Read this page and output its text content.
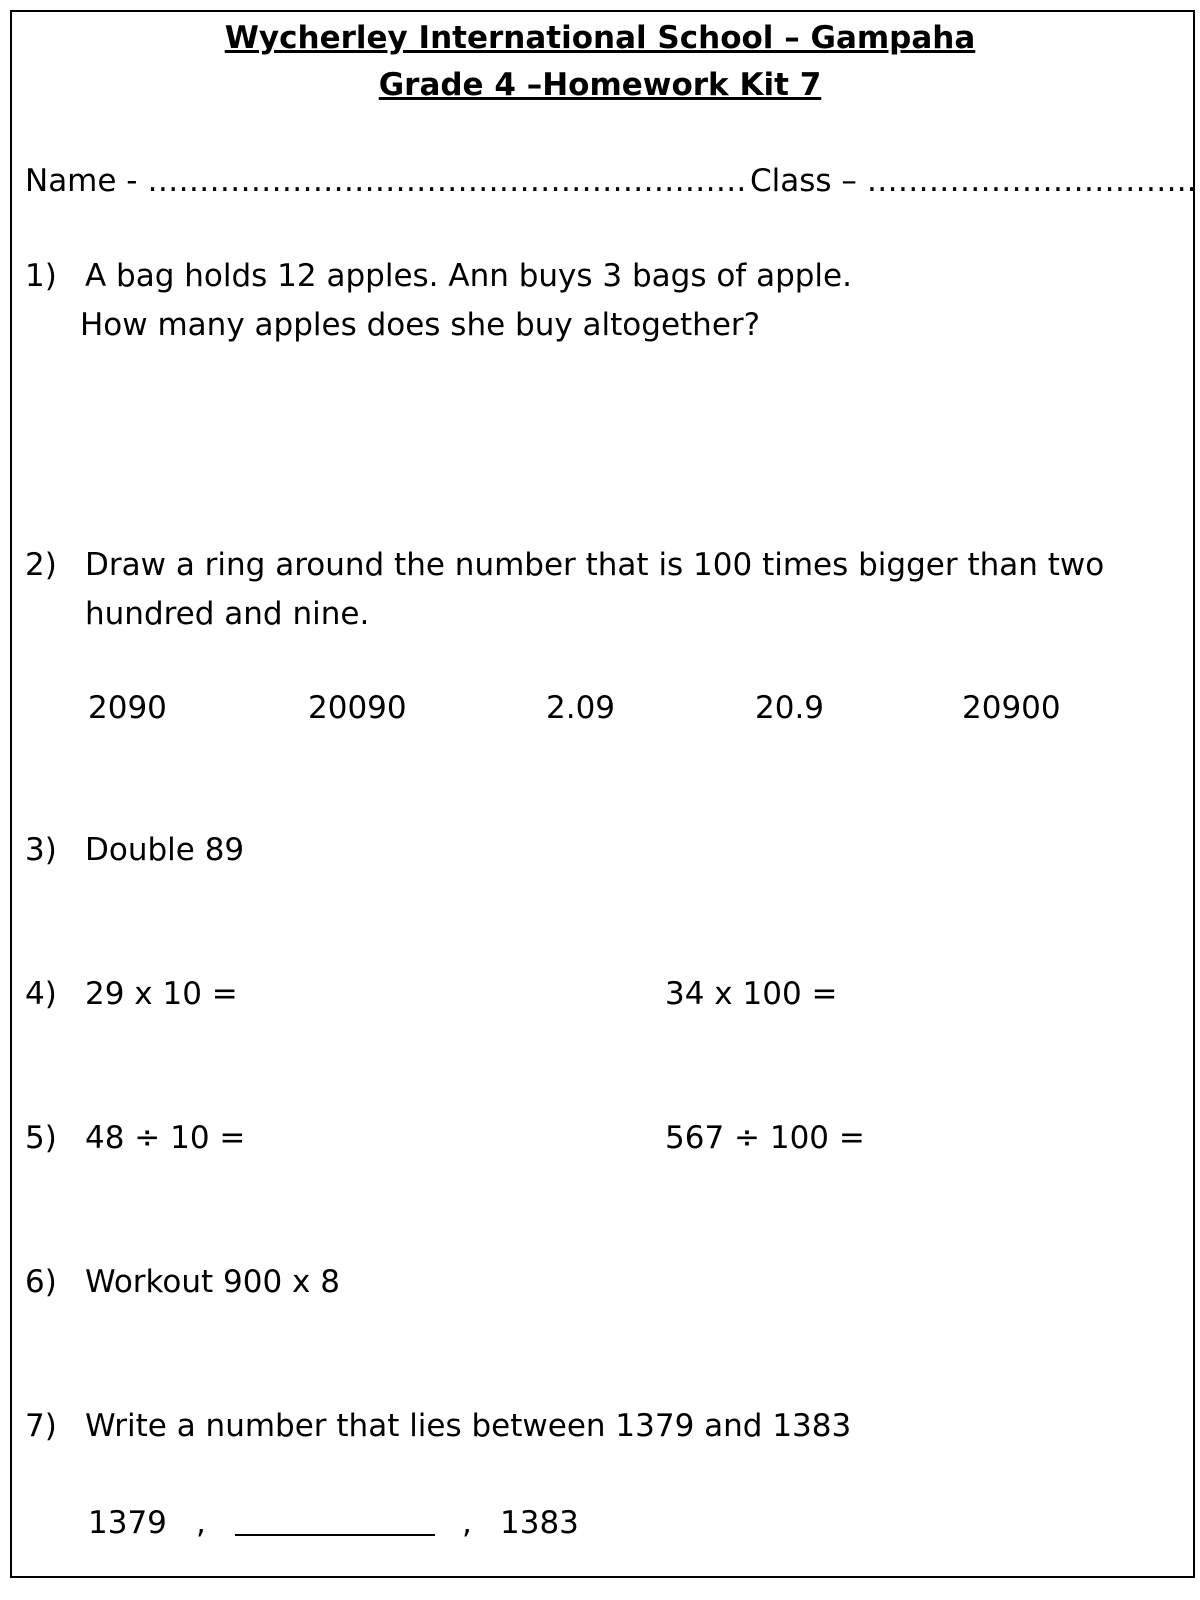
Wycherley International School – Gampaha
Grade 4 –Homework Kit 7
Name - …………………………………………………. Class – …………………………..
1) A bag holds 12 apples. Ann buys 3 bags of apple.
How many apples does she buy altogether?
2) Draw a ring around the number that is 100 times bigger than two
hundred and nine.
2090	20090	2.09	20.9	20900
3) Double 89
4) 29 x 10 =	34 x 100 =
5) 48 ÷ 10 =	567 ÷ 100 =
6) Workout 900 x 8
7) Write a number that lies between 1379 and 1383
1379 ,	, 1383
